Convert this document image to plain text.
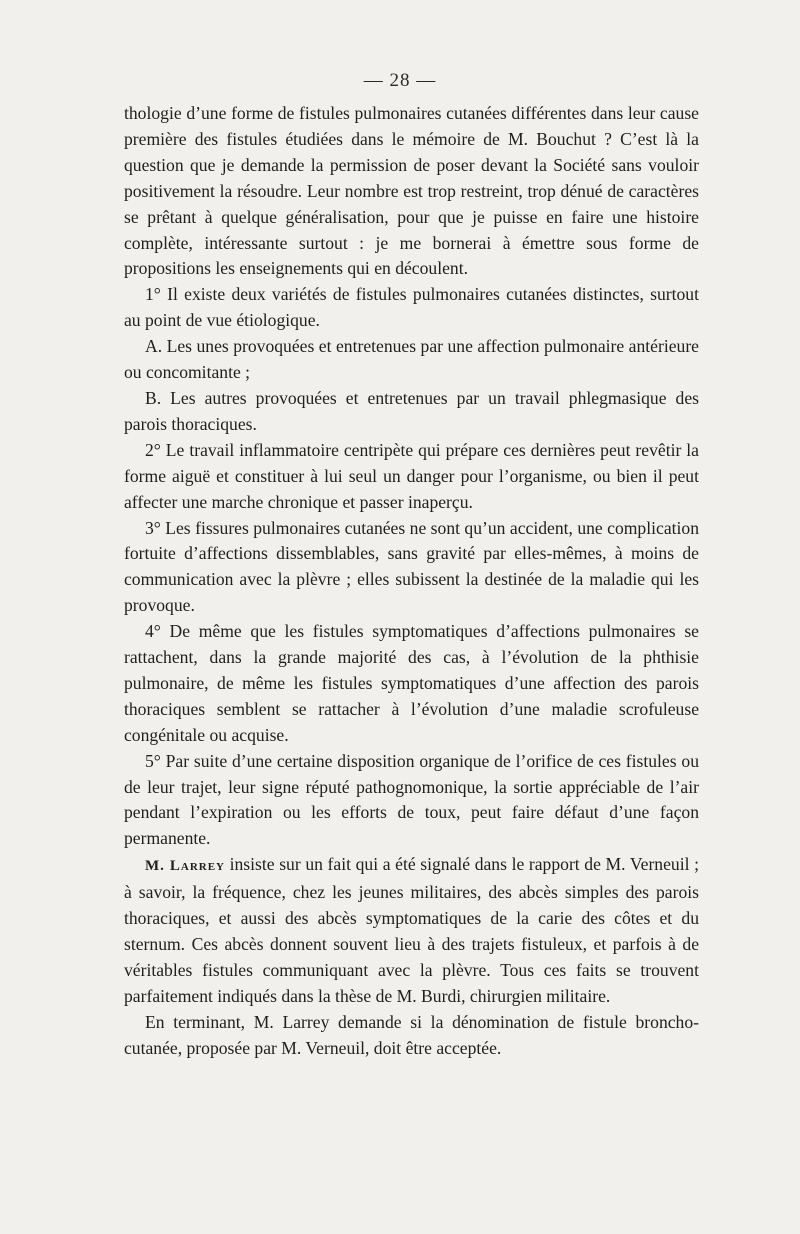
— 28 —

thologie d’une forme de fistules pulmonaires cutanées différentes dans leur cause première des fistules étudiées dans le mémoire de M. Bouchut ? C’est là la question que je demande la permission de poser devant la Société sans vouloir positivement la résoudre. Leur nombre est trop restreint, trop dénué de caractères se prêtant à quelque généralisation, pour que je puisse en faire une histoire complète, intéressante surtout : je me bornerai à émettre sous forme de propositions les enseignements qui en découlent.

1° Il existe deux variétés de fistules pulmonaires cutanées distinctes, surtout au point de vue étiologique.

A. Les unes provoquées et entretenues par une affection pulmonaire antérieure ou concomitante ;

B. Les autres provoquées et entretenues par un travail phlegmasique des parois thoraciques.

2° Le travail inflammatoire centripète qui prépare ces dernières peut revêtir la forme aiguë et constituer à lui seul un danger pour l’organisme, ou bien il peut affecter une marche chronique et passer inaperçu.

3° Les fissures pulmonaires cutanées ne sont qu’un accident, une complication fortuite d’affections dissemblables, sans gravité par elles-mêmes, à moins de communication avec la plèvre ; elles subissent la destinée de la maladie qui les provoque.

4° De même que les fistules symptomatiques d’affections pulmonaires se rattachent, dans la grande majorité des cas, à l’évolution de la phthisie pulmonaire, de même les fistules symptomatiques d’une affection des parois thoraciques semblent se rattacher à l’évolution d’une maladie scrofuleuse congénitale ou acquise.

5° Par suite d’une certaine disposition organique de l’orifice de ces fistules ou de leur trajet, leur signe réputé pathognomonique, la sortie appréciable de l’air pendant l’expiration ou les efforts de toux, peut faire défaut d’une façon permanente.

M. Larrey insiste sur un fait qui a été signalé dans le rapport de M. Verneuil ; à savoir, la fréquence, chez les jeunes militaires, des abcès simples des parois thoraciques, et aussi des abcès symptomatiques de la carie des côtes et du sternum. Ces abcès donnent souvent lieu à des trajets fistuleux, et parfois à de véritables fistules communiquant avec la plèvre. Tous ces faits se trouvent parfaitement indiqués dans la thèse de M. Burdi, chirurgien militaire.

En terminant, M. Larrey demande si la dénomination de fistule broncho-cutanée, proposée par M. Verneuil, doit être acceptée.
